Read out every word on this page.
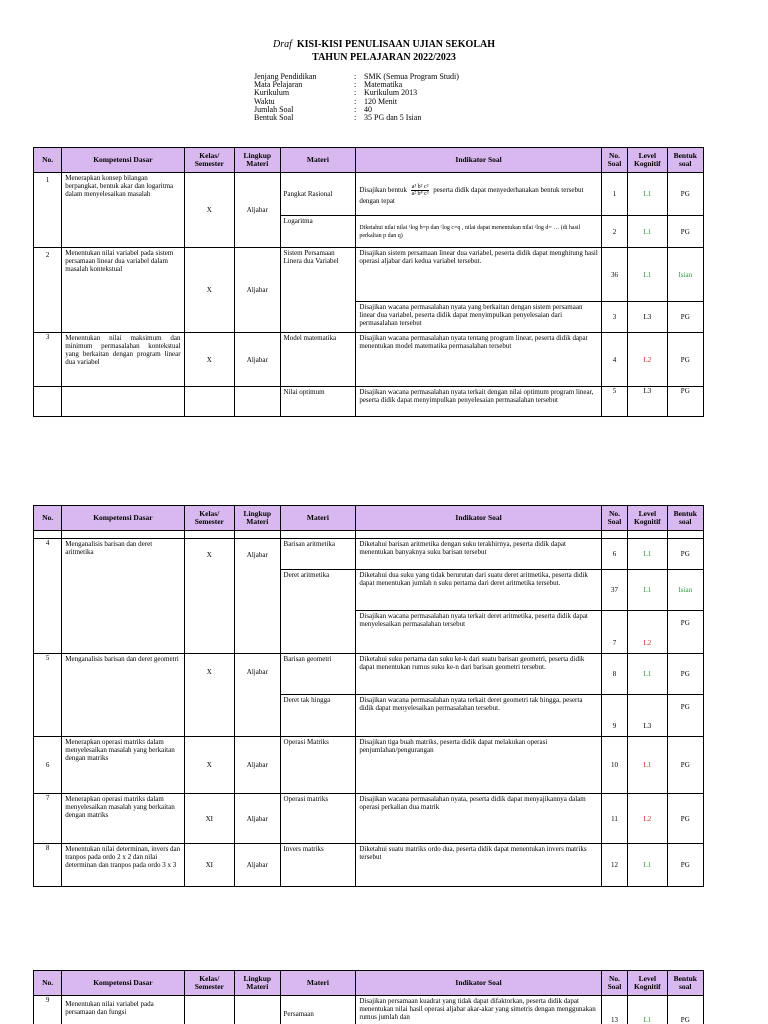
Draf KISI-KISI PENULISAAN UJIAN SEKOLAH
TAHUN PELAJARAN 2022/2023
Jenjang Pendidikan	: SMK (Semua Program Studi)
Mata Pelajaran	: Matematika
Kurikulum	: Kurikulum 2013
Waktu	: 120 Menit
Jumlah Soal	: 40
Bentuk Soal	: 35 PG dan 5 Isian
No.	Kompetensi Dasar	Kelas/ Semester	Lingkup Materi	Materi	Indikator Soal	No. Soal	Level Kognitif	Bentuk soal
1	Menerapkan konsep bilangan berpangkat, bentuk akar dan logaritma dalam menyelesaikan masalah	X	Aljabar	Pangkat Rasional	Disajikan bentuk $\frac{\text{a³ b² c²}}{\text{a² b⁴ c³}}$ peserta didik dapat menyederhanakan bentuk tersebut dengan tepat	1	L1	PG
				Logaritma	Diketahui nilai nilai ᵃlog b=p dan ᶜlog c=q , nilai dapat menentukan nilai ᵃlog d= … (di hasil perkalian p dan q)	2	L1	PG
2	Menentukan nilai variabel pada sistem persamaan linear dua variabel dalam masalah kontekstual	X	Aljabar	Sistem Persamaan Linera dua Variabel	Disajikan sistem persamaan linear dua variabel, peserta didik dapat menghitung hasil operasi aljabar dari kedua variabel tersebut.	36	L1	Isian
					Disajikan wacana permasalahan nyata yang berkaitan dengan sistem persamaan linear dua variabel, peserta didik dapat menyimpulkan penyelesaian dari permasalahan tersebut	3	L3	PG
3	Menentukan nilai maksimum dan minimum permasalahan kontekstual yang berkaitan dengan program linear dua variabel	X	Aljabar	Model matematika	Disajikan wacana permasalahan nyata tentang program linear, peserta didik dapat menentukan model matematika permasalahan tersebut	4	L2	PG
				Nilai optimum	Disajikan wacana permasalahan nyata terkait dengan nilai optimum program linear, peserta didik dapat menyimpulkan penyelesaian permasalahan tersebut	5	L3	PG
No.	Kompetensi Dasar	Kelas/ Semester	Lingkup Materi	Materi	Indikator Soal	No. Soal	Level Kognitif	Bentuk soal

4	Menganalisis barisan dan deret aritmetika	X	Aljabar	Barisan aritmetika	Diketahui barisan aritmetika dengan suku terakhirnya, peserta didik dapat menentukan banyaknya suku barisan tersebut	6	L1	PG
				Deret aritmetika	Diketahui dua suku yang tidak berurutan dari suatu deret aritmetika, peserta didik dapat menentukan jumlah n suku pertama dari deret aritmetika tersebut.	37	L1	Isian
					Disajikan wacana permasalahan nyata terkait deret aritmetika, peserta didik dapat menyelesaikan permasalahan tersebut	7	L2	PG
5	Menganalisis barisan dan deret geometri	X	Aljabar	Barisan geometri	Diketahui suku pertama dan suku ke-k dari suatu barisan geometri, peserta didik dapat menentukan rumus suku ke-n dari barisan geometri tersebut.	8	L1	PG
				Deret tak hingga	Disajikan wacana permasalahan nyata terkait deret geometri tak hingga, peserta didik dapat menyelesaikan permasalahan tersebut.	9	L3	PG
6	Menerapkan operasi matriks dalam menyelesaikan masalah yang berkaitan dengan matriks	X	Aljabar	Operasi Matriks	Disajikan tiga buah matriks, peserta didik dapat melakukan operasi penjumlahan/pengurangan	10	L1	PG
7	Menerapkan operasi matriks dalam menyelesaikan masalah yang berkaitan dengan matriks	XI	Aljabar	Operasi matriks	Disajikan wacana permasalahan nyata, peserta didik dapat menyajikannya dalam operasi perkalian dua matrik	11	L2	PG
8	Menentukan nilai determinan, invers dan tranpos pada ordo 2 x 2 dan nilai determinan dan tranpos pada ordo 3 x 3	XI	Aljabar	Invers matriks	Diketahui suatu matriks ordo dua, peserta didik dapat menentukan invers matriks tersebut	12	L1	PG
No.	Kompetensi Dasar	Kelas/ Semester	Lingkup Materi	Materi	Indikator Soal	No. Soal	Level Kognitif	Bentuk soal
9	Menentukan nilai variabel pada persamaan dan fungsi			Persamaan	Disajikan persamaan kuadrat yang tidak dapat difaktorkan, peserta didik dapat menentukan nilai hasil operasi aljabar akar-akar yang simetris dengan menggunakan rumus jumlah dan	13	L1	PG
